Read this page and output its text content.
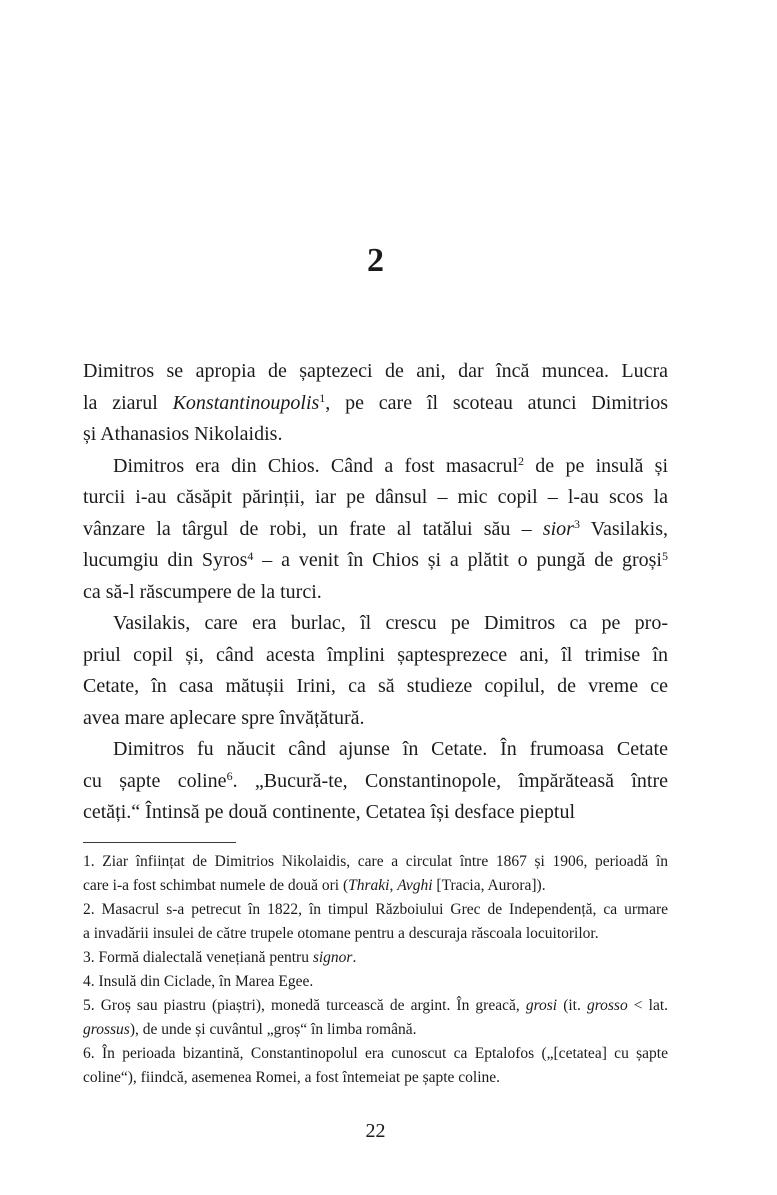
2
Dimitros se apropia de șaptezeci de ani, dar încă muncea. Lucra
la ziarul Konstantinoupolis$^1$, pe care îl scoteau atunci Dimitrios
și Athanasios Nikolaidis.
Dimitros era din Chios. Când a fost masacrul$^2$ de pe insulă și
turcii i-au căsăpit părinții, iar pe dânsul – mic copil – l-au scos la
vânzare la târgul de robi, un frate al tatălui său – sior$^3$ Vasilakis,
lucumgiu din Syros$^4$ – a venit în Chios și a plătit o pungă de groși$^5$
ca să-l răscumpere de la turci.
Vasilakis, care era burlac, îl crescu pe Dimitros ca pe pro-
priul copil și, când acesta împlini șaptesprezece ani, îl trimise în
Cetate, în casa mătușii Irini, ca să studieze copilul, de vreme ce
avea mare aplecare spre învățătură.
Dimitros fu năucit când ajunse în Cetate. În frumoasa Cetate
cu șapte coline$^6$. „Bucură-te, Constantinopole, împărăteasă între
cetăți.“ Întinsă pe două continente, Cetatea își desface pieptul
1. Ziar înființat de Dimitrios Nikolaidis, care a circulat între 1867 și 1906, perioadă în
care i-a fost schimbat numele de două ori (Thraki, Avghi [Tracia, Aurora]).
2. Masacrul s-a petrecut în 1822, în timpul Războiului Grec de Independență, ca urmare
a invadării insulei de către trupele otomane pentru a descuraja răscoala locuitorilor.
3. Formă dialectală venețiană pentru signor.
4. Insulă din Ciclade, în Marea Egee.
5. Groș sau piastru (piaștri), monedă turcească de argint. În greacă, grosi (it. grosso < lat.
grossus), de unde și cuvântul „groș“ în limba română.
6. În perioada bizantină, Constantinopolul era cunoscut ca Eptalofos („[cetatea] cu șapte
coline“), fiindcă, asemenea Romei, a fost întemeiat pe șapte coline.
22
